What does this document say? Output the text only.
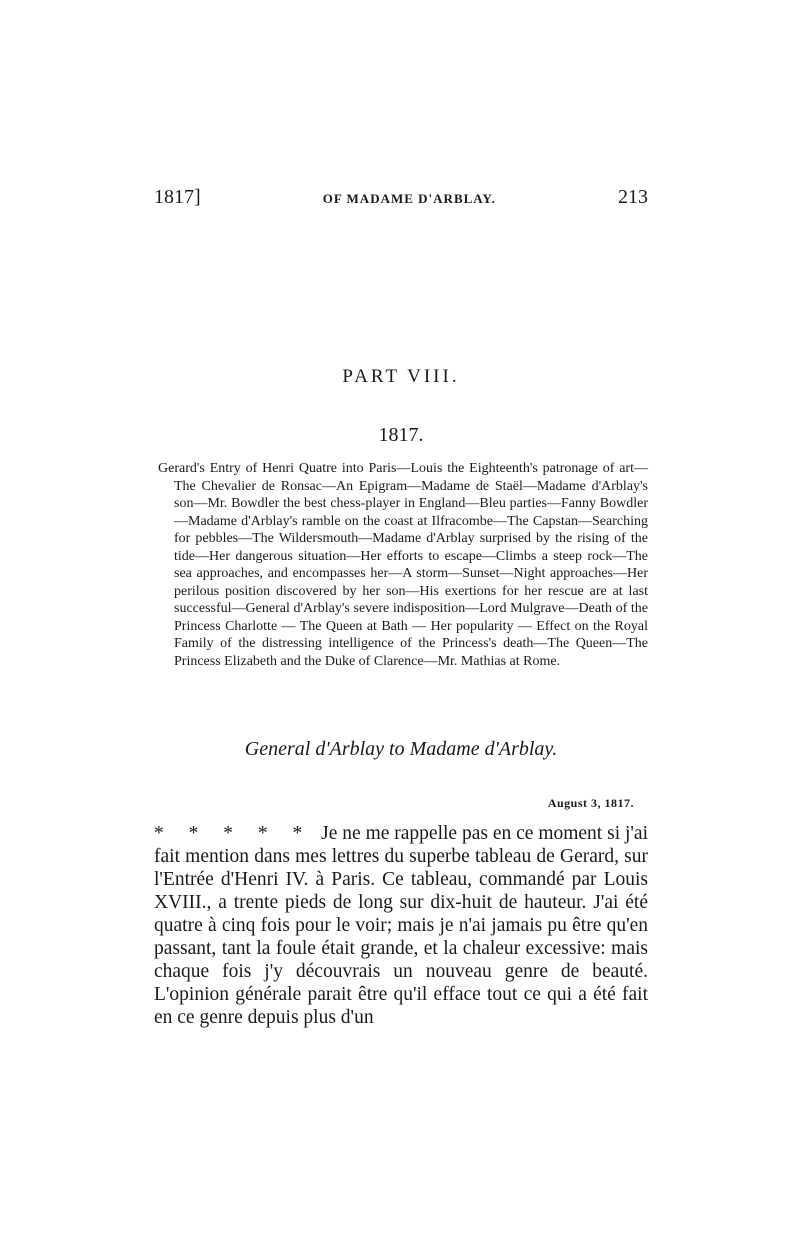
1817]	OF MADAME D'ARBLAY.	213
PART VIII.
1817.
Gerard's Entry of Henri Quatre into Paris—Louis the Eighteenth's patronage of art—The Chevalier de Ronsac—An Epigram—Madame de Staël—Madame d'Arblay's son—Mr. Bowdler the best chess-player in England—Bleu parties—Fanny Bowdler—Madame d'Arblay's ramble on the coast at Ilfracombe—The Capstan—Searching for pebbles—The Wildersmouth—Madame d'Arblay surprised by the rising of the tide—Her dangerous situation—Her efforts to escape—Climbs a steep rock—The sea approaches, and encompasses her—A storm—Sunset—Night approaches—Her perilous position discovered by her son—His exertions for her rescue are at last successful—General d'Arblay's severe indisposition—Lord Mulgrave—Death of the Princess Charlotte — The Queen at Bath — Her popularity — Effect on the Royal Family of the distressing intelligence of the Princess's death—The Queen—The Princess Elizabeth and the Duke of Clarence—Mr. Mathias at Rome.
General d'Arblay to Madame d'Arblay.
August 3, 1817.
* * * * * Je ne me rappelle pas en ce moment si j'ai fait mention dans mes lettres du superbe tableau de Gerard, sur l'Entrée d'Henri IV. à Paris. Ce tableau, commandé par Louis XVIII., a trente pieds de long sur dix-huit de hauteur. J'ai été quatre à cinq fois pour le voir; mais je n'ai jamais pu être qu'en passant, tant la foule était grande, et la chaleur excessive: mais chaque fois j'y découvrais un nouveau genre de beauté. L'opinion générale parait être qu'il efface tout ce qui a été fait en ce genre depuis plus d'un
